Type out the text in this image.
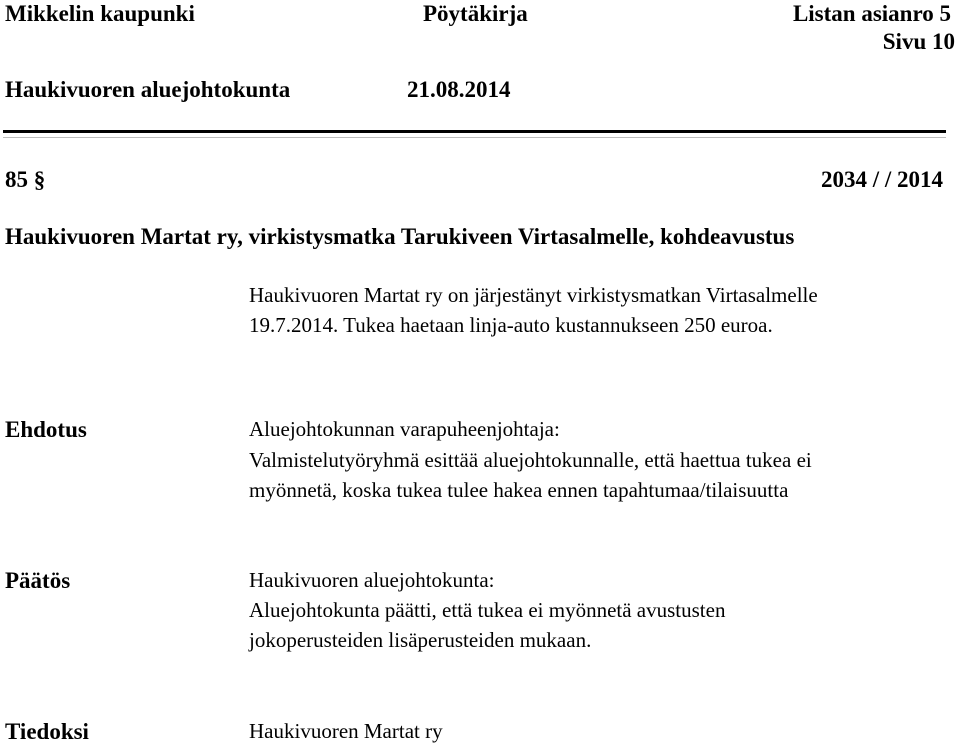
Mikkelin kaupunki	Pöytäkirja	Listan asianro 5
Sivu 10
Haukivuoren aluejohtokunta	21.08.2014
85 §	2034 / / 2014
Haukivuoren Martat ry, virkistysmatka Tarukiveen Virtasalmelle, kohdeavustus
Haukivuoren Martat ry on järjestänyt virkistysmatkan Virtasalmelle
19.7.2014. Tukea haetaan linja-auto kustannukseen 250 euroa.
Ehdotus	Aluejohtokunnan varapuheenjohtaja:
Valmistelutyöryhmä esittää aluejohtokunnalle, että haettua tukea ei
myönnetä, koska tukea tulee hakea ennen tapahtumaa/tilaisuutta
Päätös	Haukivuoren aluejohtokunta:
Aluejohtokunta päätti, että tukea ei myönnetä avustusten
jokoperusteiden lisäperusteiden mukaan.
Tiedoksi	Haukivuoren Martat ry
